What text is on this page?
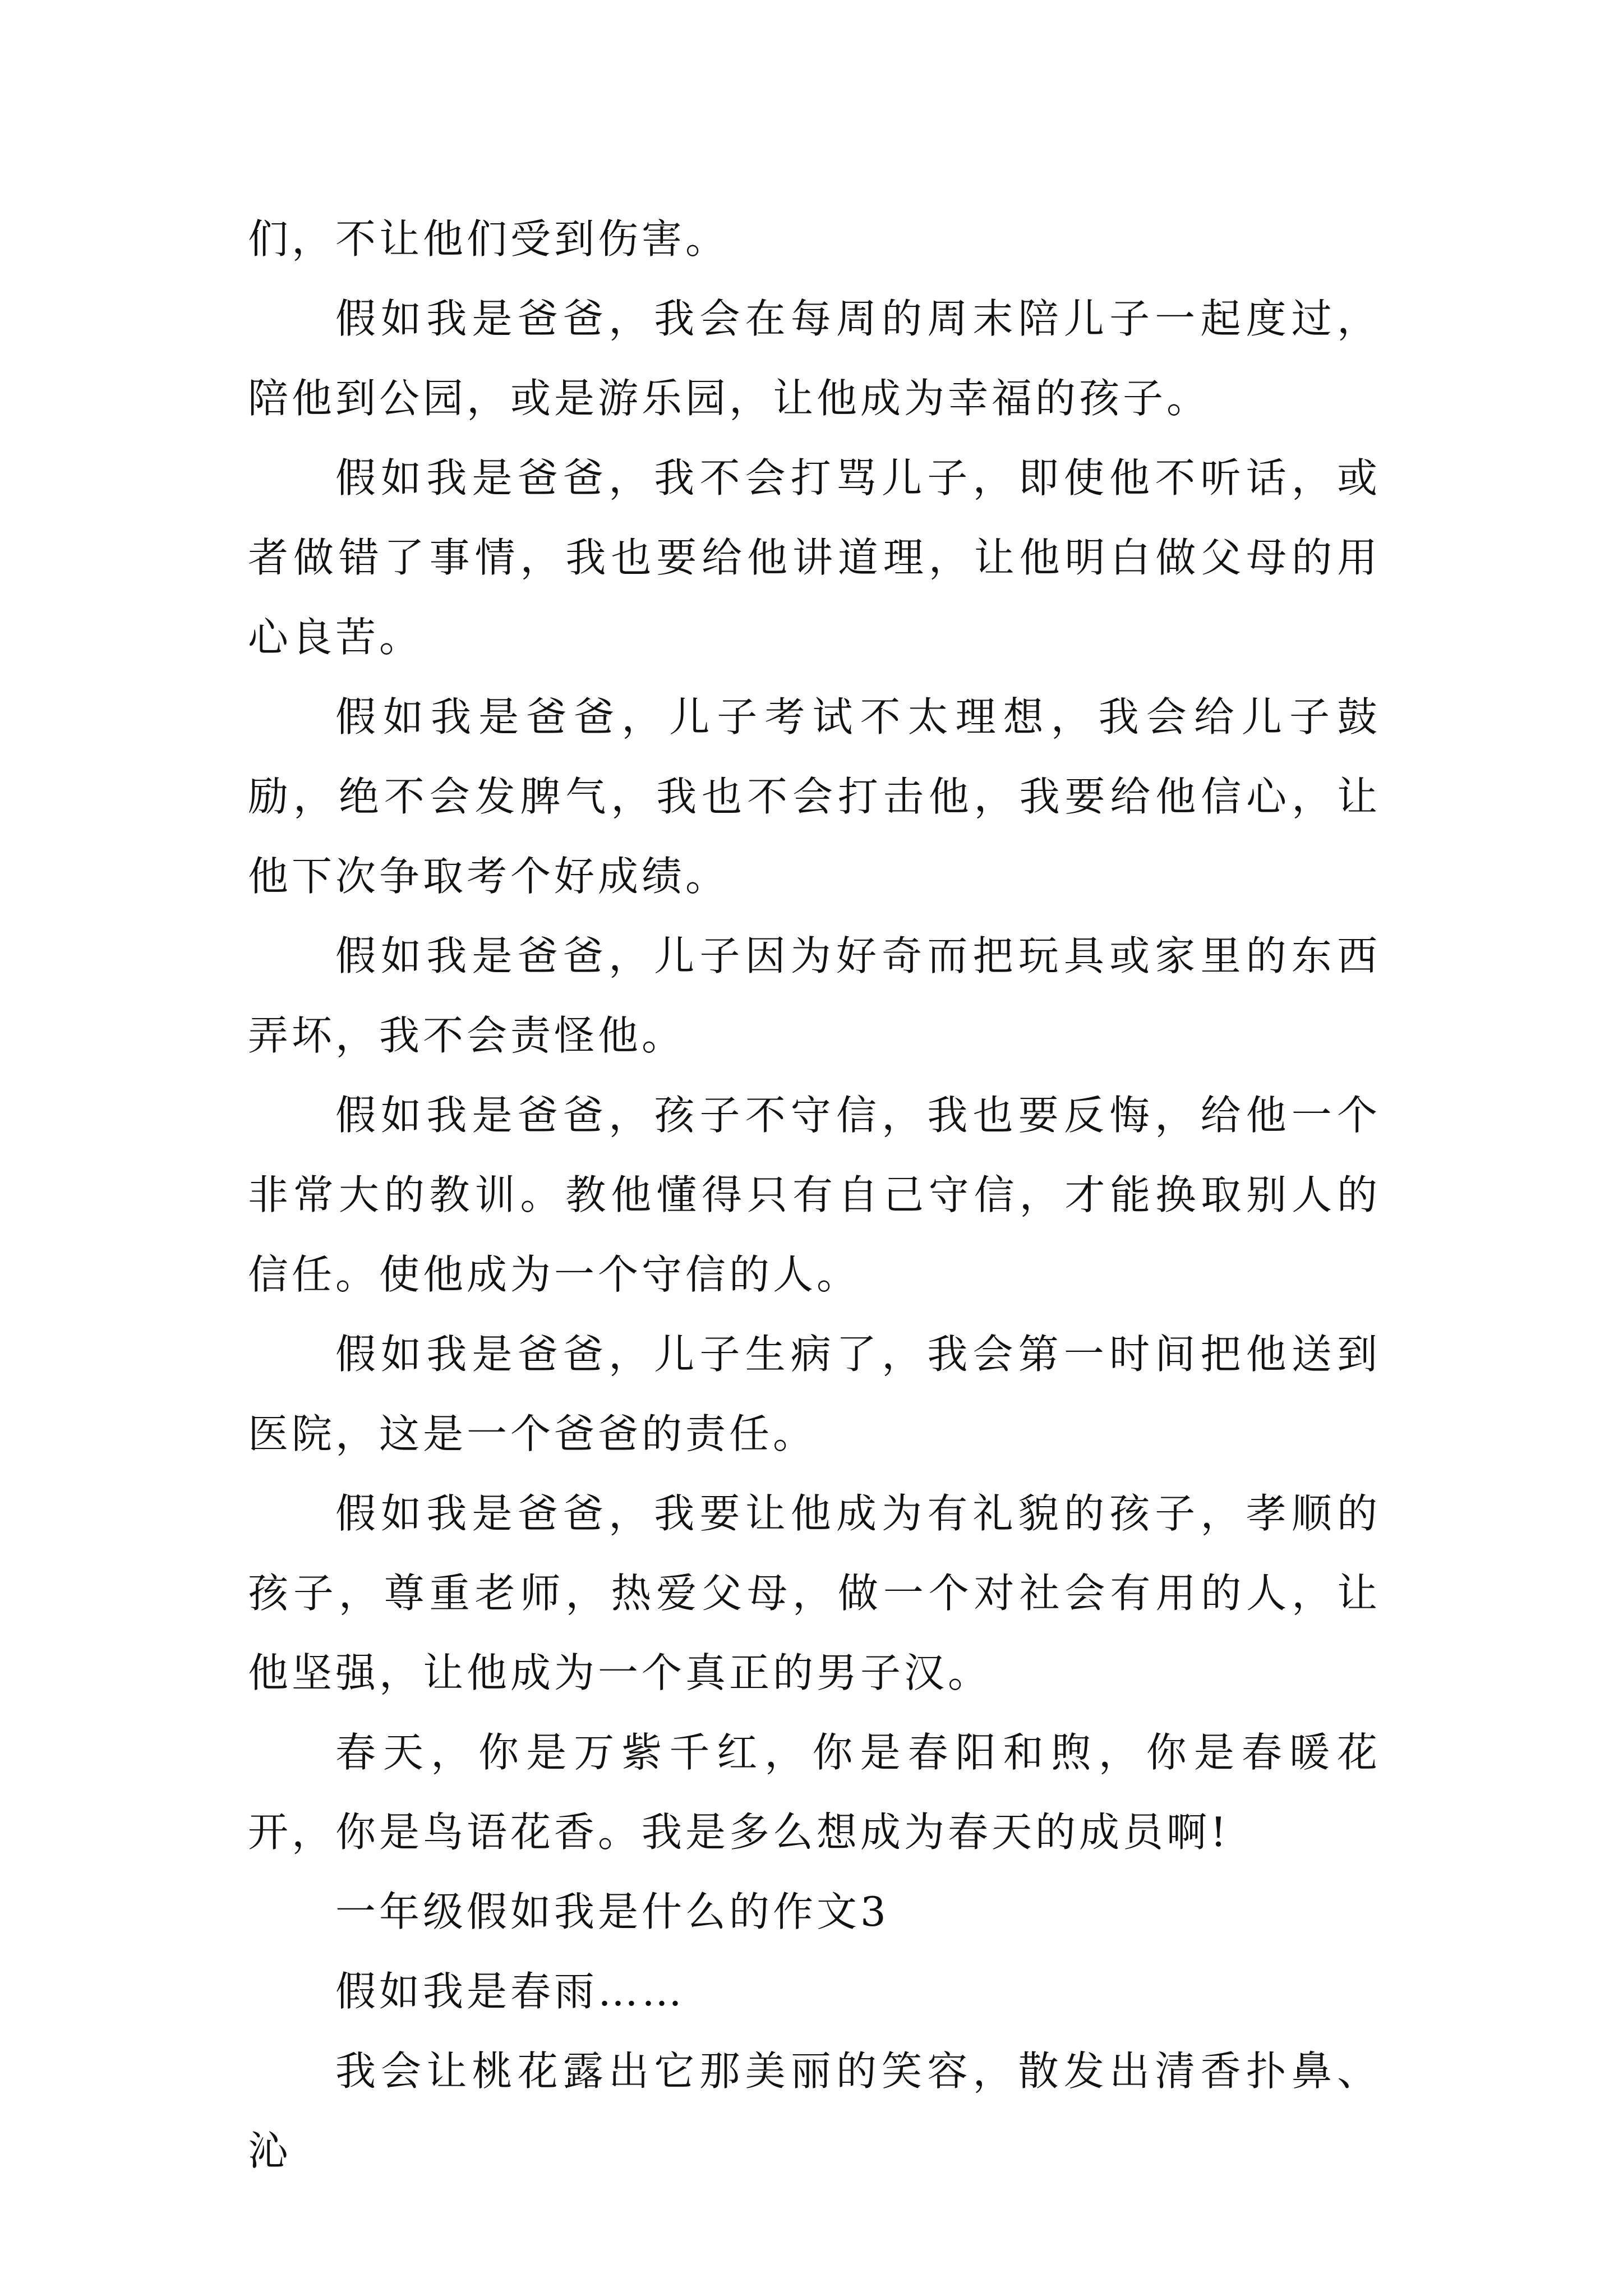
们，不让他们受到伤害。

假如我是爸爸，我会在每周的周末陪儿子一起度过，陪他到公园，或是游乐园，让他成为幸福的孩子。

假如我是爸爸，我不会打骂儿子，即使他不听话，或者做错了事情，我也要给他讲道理，让他明白做父母的用心良苦。

假如我是爸爸，儿子考试不太理想，我会给儿子鼓励，绝不会发脾气，我也不会打击他，我要给他信心，让他下次争取考个好成绩。

假如我是爸爸，儿子因为好奇而把玩具或家里的东西弄坏，我不会责怪他。

假如我是爸爸，孩子不守信，我也要反悔，给他一个非常大的教训。教他懂得只有自己守信，才能换取别人的信任。使他成为一个守信的人。

假如我是爸爸，儿子生病了，我会第一时间把他送到医院，这是一个爸爸的责任。

假如我是爸爸，我要让他成为有礼貌的孩子，孝顺的孩子，尊重老师，热爱父母，做一个对社会有用的人，让他坚强，让他成为一个真正的男子汉。

春天，你是万紫千红，你是春阳和煦，你是春暖花开，你是鸟语花香。我是多么想成为春天的成员啊!

一年级假如我是什么的作文3

假如我是春雨……

我会让桃花露出它那美丽的笑容，散发出清香扑鼻、沁
